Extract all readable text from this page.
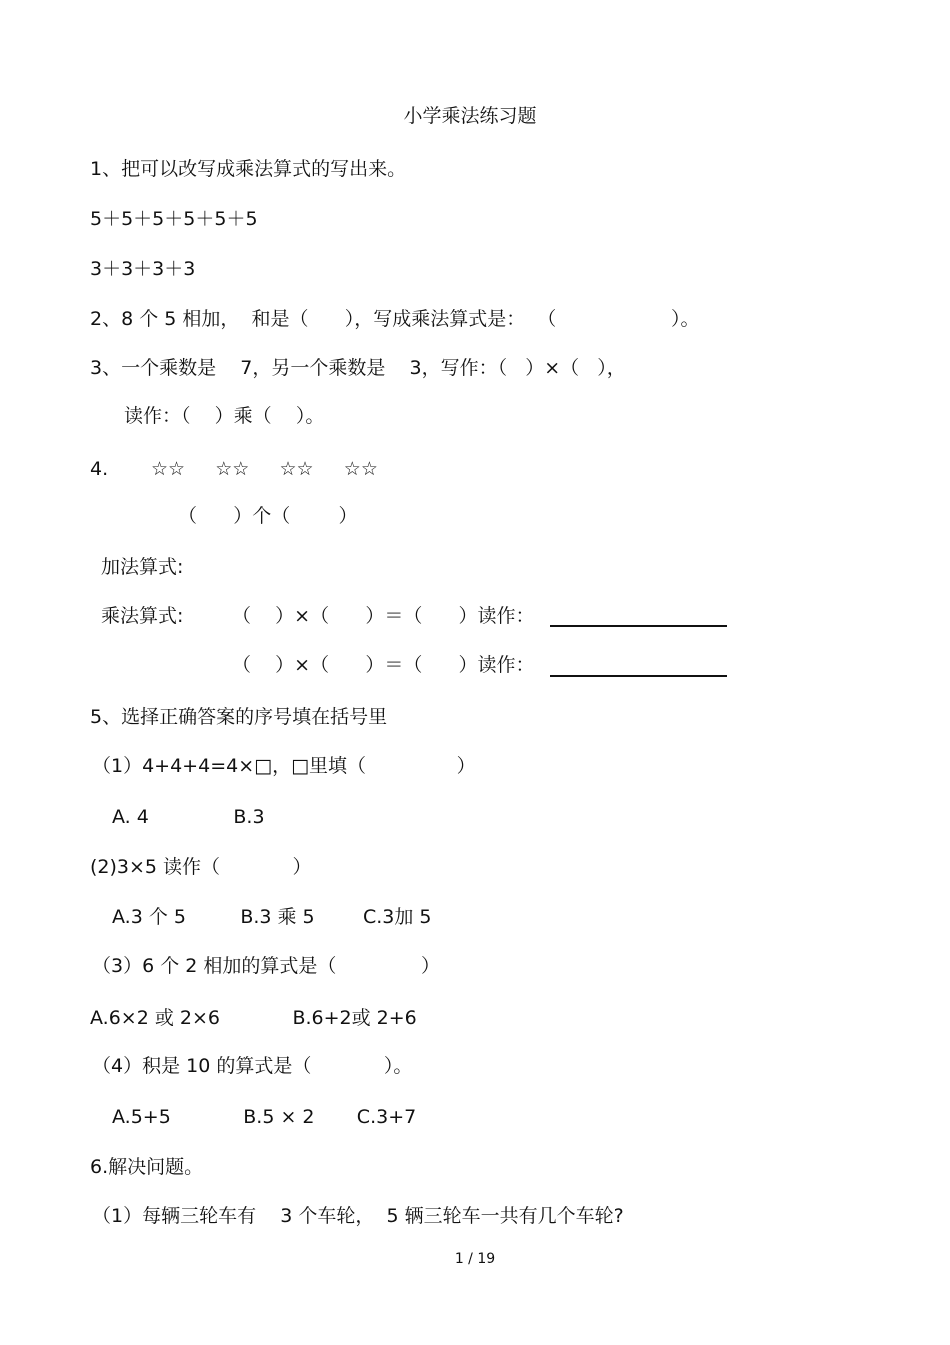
小学乘法练习题
1、把可以改写成乘法算式的写出来。
5＋5＋5＋5＋5＋5
3＋3＋3＋3
2、8 个 5 相加，  和是（      ），写成乘法算式是：  （                   ）。
3、一个乘数是    7，另一个乘数是    3，写作：（   ）×（   ），
读作：（    ）乘（    ）。
4. ☆☆     ☆☆     ☆☆     ☆☆
（      ）个（        ）
加法算式:
乘法算式:	（    ）×（      ）＝（      ）读作：
（    ）×（      ）＝（      ）读作：
5、选择正确答案的序号填在括号里
（1）4+4+4=4×□，□里填（               ）
A. 4              B.3
(2)3×5 读作（            ）
A.3 个 5         B.3 乘 5        C.3加 5
（3）6 个 2 相加的算式是（              ）
A.6×2 或 2×6            B.6+2或 2+6
（4）积是 10 的算式是（            ）。
A.5+5            B.5 × 2       C.3+7
6.解决问题。
（1）每辆三轮车有    3 个车轮，  5 辆三轮车一共有几个车轮?
1 / 19
